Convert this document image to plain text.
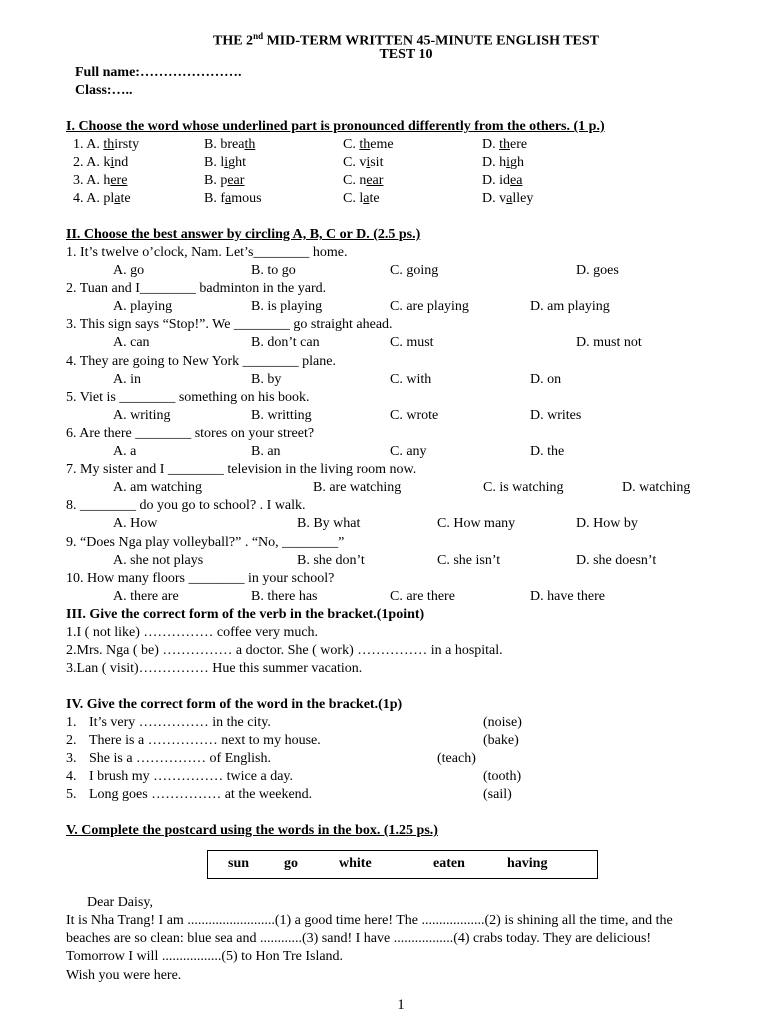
THE 2nd MID-TERM WRITTEN 45-MINUTE ENGLISH TEST
TEST 10
Full name:………………….
Class:…..
I. Choose the word whose underlined part is pronounced differently from the others. (1 p.)
1. A. thirsty	B. breath	C. theme	D. there
2. A. kind	B. light	C. visit	D. high
3. A. here	B. pear	C. near	D. idea
4. A. plate	B. famous	C. late	D. valley
II. Choose the best answer by circling A, B, C or D. (2.5 ps.)
1. It’s twelve o’clock, Nam. Let’s________ home.
A. go	B. to go	C. going	D. goes
2. Tuan and I________ badminton in the yard.
A. playing	B. is playing	C. are playing	D. am playing
3. This sign says “Stop!”. We ________ go straight ahead.
A. can	B. don’t can	C. must	D. must not
4. They are going to New York ________ plane.
A. in	B. by	C. with	D. on
5. Viet is ________ something on his book.
A. writing	B. writting	C. wrote	D. writes
6. Are there ________ stores on your street?
A. a	B. an	C. any	D. the
7. My sister and I ________ television in the living room now.
A. am watching	B. are watching	C. is watching	D. watching
8. ________ do you go to school? . I walk.
A. How	B. By what	C. How many	D. How by
9. “Does Nga play volleyball?” . “No, ________”
A. she not plays	B. she don’t	C. she isn’t	D. she doesn’t
10. How many floors ________ in your school?
A. there are	B. there has	C. are there	D. have there
III. Give the correct form of the verb in the bracket.(1point)
1.I ( not like) …………… coffee very much.
2.Mrs. Nga ( be) …………… a doctor. She ( work) …………… in a hospital.
3.Lan ( visit)…………… Hue this summer vacation.
IV. Give the correct form of the word in the bracket.(1p)
1. It’s very …………… in the city.	(noise)
2. There is a …………… next to my house.	(bake)
3. She is a …………… of English.	(teach)
4. I brush my …………… twice a day.	(tooth)
5. Long goes …………… at the weekend.	(sail)
V. Complete the postcard using the words in the box. (1.25 ps.)
sun go	white	eaten	having
Dear Daisy,
It is Nha Trang! I am .........................(1) a good time here! The ..................(2) is shining all the time, and the
beaches are so clean: blue sea and ............(3) sand! I have .................(4) crabs today. They are delicious!
Tomorrow I will .................(5) to Hon Tre Island.
Wish you were here.
1
